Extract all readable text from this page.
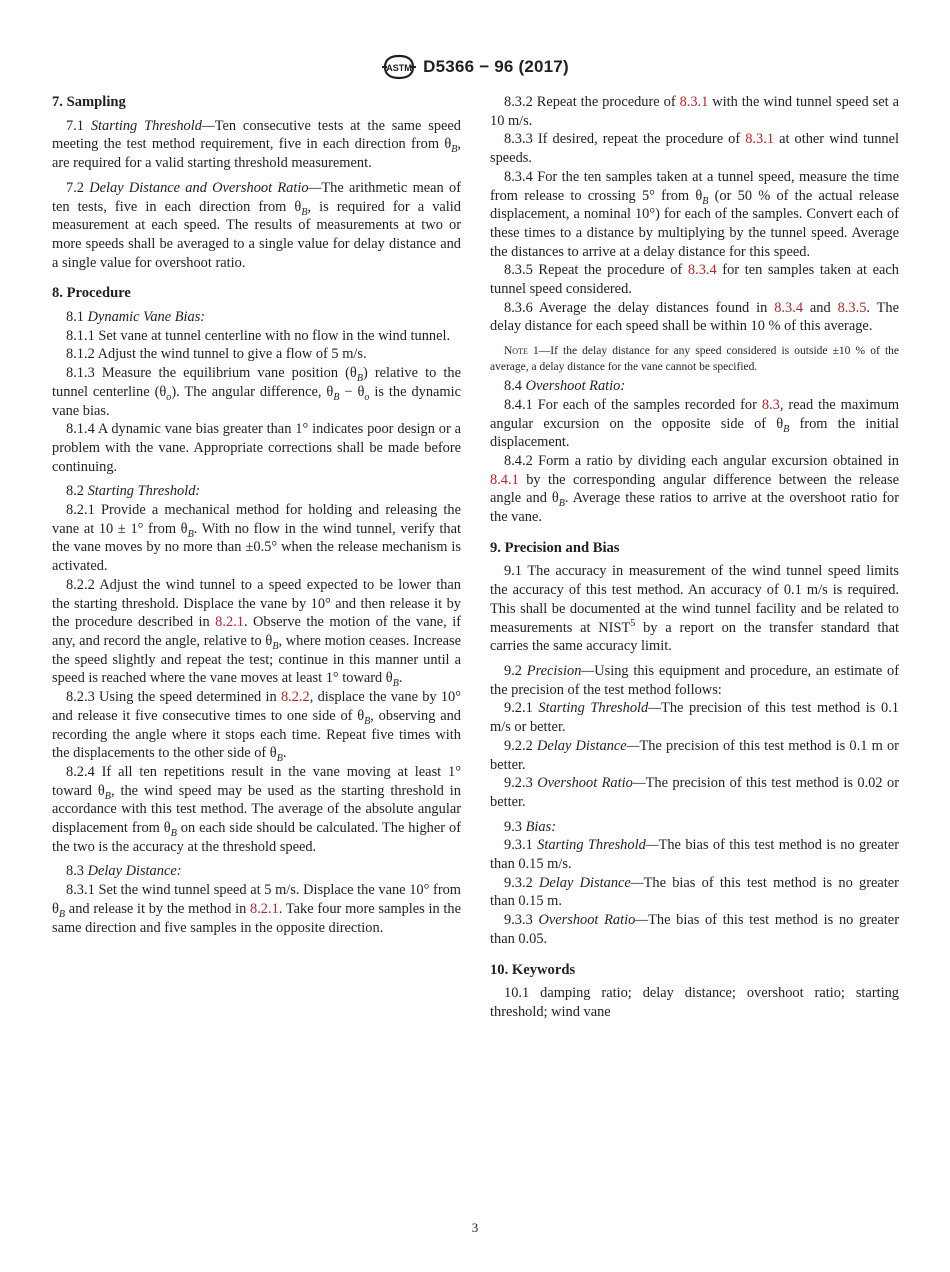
ASTM D5366 − 96 (2017)
7. Sampling

7.1 Starting Threshold—Ten consecutive tests at the same speed meeting the test method requirement, five in each direction from $\theta_B$, are required for a valid starting threshold measurement.

7.2 Delay Distance and Overshoot Ratio—The arithmetic mean of ten tests, five in each direction from $\theta_B$, is required for a valid measurement at each speed. The results of measurements at two or more speeds shall be averaged to a single value for delay distance and a single value for overshoot ratio.

8. Procedure

8.1 Dynamic Vane Bias:

8.1.1 Set vane at tunnel centerline with no flow in the wind tunnel.

8.1.2 Adjust the wind tunnel to give a flow of 5 m/s.

8.1.3 Measure the equilibrium vane position $(\theta_B)$ relative to the tunnel centerline $(\theta_o)$. The angular difference, $\theta_B - \theta_o$ is the dynamic vane bias.

8.1.4 A dynamic vane bias greater than 1° indicates poor design or a problem with the vane. Appropriate corrections shall be made before continuing.

8.2 Starting Threshold:

8.2.1 Provide a mechanical method for holding and releasing the vane at 10 ± 1° from $\theta_B$. With no flow in the wind tunnel, verify that the vane moves by no more than ±0.5° when the release mechanism is activated.

8.2.2 Adjust the wind tunnel to a speed expected to be lower than the starting threshold. Displace the vane by 10° and then release it by the procedure described in 8.2.1. Observe the motion of the vane, if any, and record the angle, relative to $\theta_B$, where motion ceases. Increase the speed slightly and repeat the test; continue in this manner until a speed is reached where the vane moves at least 1° toward $\theta_B$.

8.2.3 Using the speed determined in 8.2.2, displace the vane by 10° and release it five consecutive times to one side of $\theta_B$, observing and recording the angle where it stops each time. Repeat five times with the displacements to the other side of $\theta_B$.

8.2.4 If all ten repetitions result in the vane moving at least 1° toward $\theta_B$, the wind speed may be used as the starting threshold in accordance with this test method. The average of the absolute angular displacement from $\theta_B$ on each side should be calculated. The higher of the two is the accuracy at the threshold speed.

8.3 Delay Distance:

8.3.1 Set the wind tunnel speed at 5 m/s. Displace the vane 10° from $\theta_B$ and release it by the method in 8.2.1. Take four more samples in the same direction and five samples in the opposite direction.

8.3.2 Repeat the procedure of 8.3.1 with the wind tunnel speed set a 10 m/s.

8.3.3 If desired, repeat the procedure of 8.3.1 at other wind tunnel speeds.

8.3.4 For the ten samples taken at a tunnel speed, measure the time from release to crossing 5° from $\theta_B$ (or 50 % of the actual release displacement, a nominal 10°) for each of the samples. Convert each of these times to a distance by multiplying by the tunnel speed. Average the distances to arrive at a delay distance for this speed.

8.3.5 Repeat the procedure of 8.3.4 for ten samples taken at each tunnel speed considered.

8.3.6 Average the delay distances found in 8.3.4 and 8.3.5. The delay distance for each speed shall be within 10 % of this average.

Note 1—If the delay distance for any speed considered is outside ±10 % of the average, a delay distance for the vane cannot be specified.

8.4 Overshoot Ratio:

8.4.1 For each of the samples recorded for 8.3, read the maximum angular excursion on the opposite side of $\theta_B$ from the initial displacement.

8.4.2 Form a ratio by dividing each angular excursion obtained in 8.4.1 by the corresponding angular difference between the release angle and $\theta_B$. Average these ratios to arrive at the overshoot ratio for the vane.

9. Precision and Bias

9.1 The accuracy in measurement of the wind tunnel speed limits the accuracy of this test method. An accuracy of 0.1 m/s is required. This shall be documented at the wind tunnel facility and be related to measurements at NIST$^5$ by a report on the transfer standard that carries the same accuracy limit.

9.2 Precision—Using this equipment and procedure, an estimate of the precision of the test method follows:

9.2.1 Starting Threshold—The precision of this test method is 0.1 m/s or better.

9.2.2 Delay Distance—The precision of this test method is 0.1 m or better.

9.2.3 Overshoot Ratio—The precision of this test method is 0.02 or better.

9.3 Bias:

9.3.1 Starting Threshold—The bias of this test method is no greater than 0.15 m/s.

9.3.2 Delay Distance—The bias of this test method is no greater than 0.15 m.

9.3.3 Overshoot Ratio—The bias of this test method is no greater than 0.05.

10. Keywords

10.1 damping ratio; delay distance; overshoot ratio; starting threshold; wind vane

3
